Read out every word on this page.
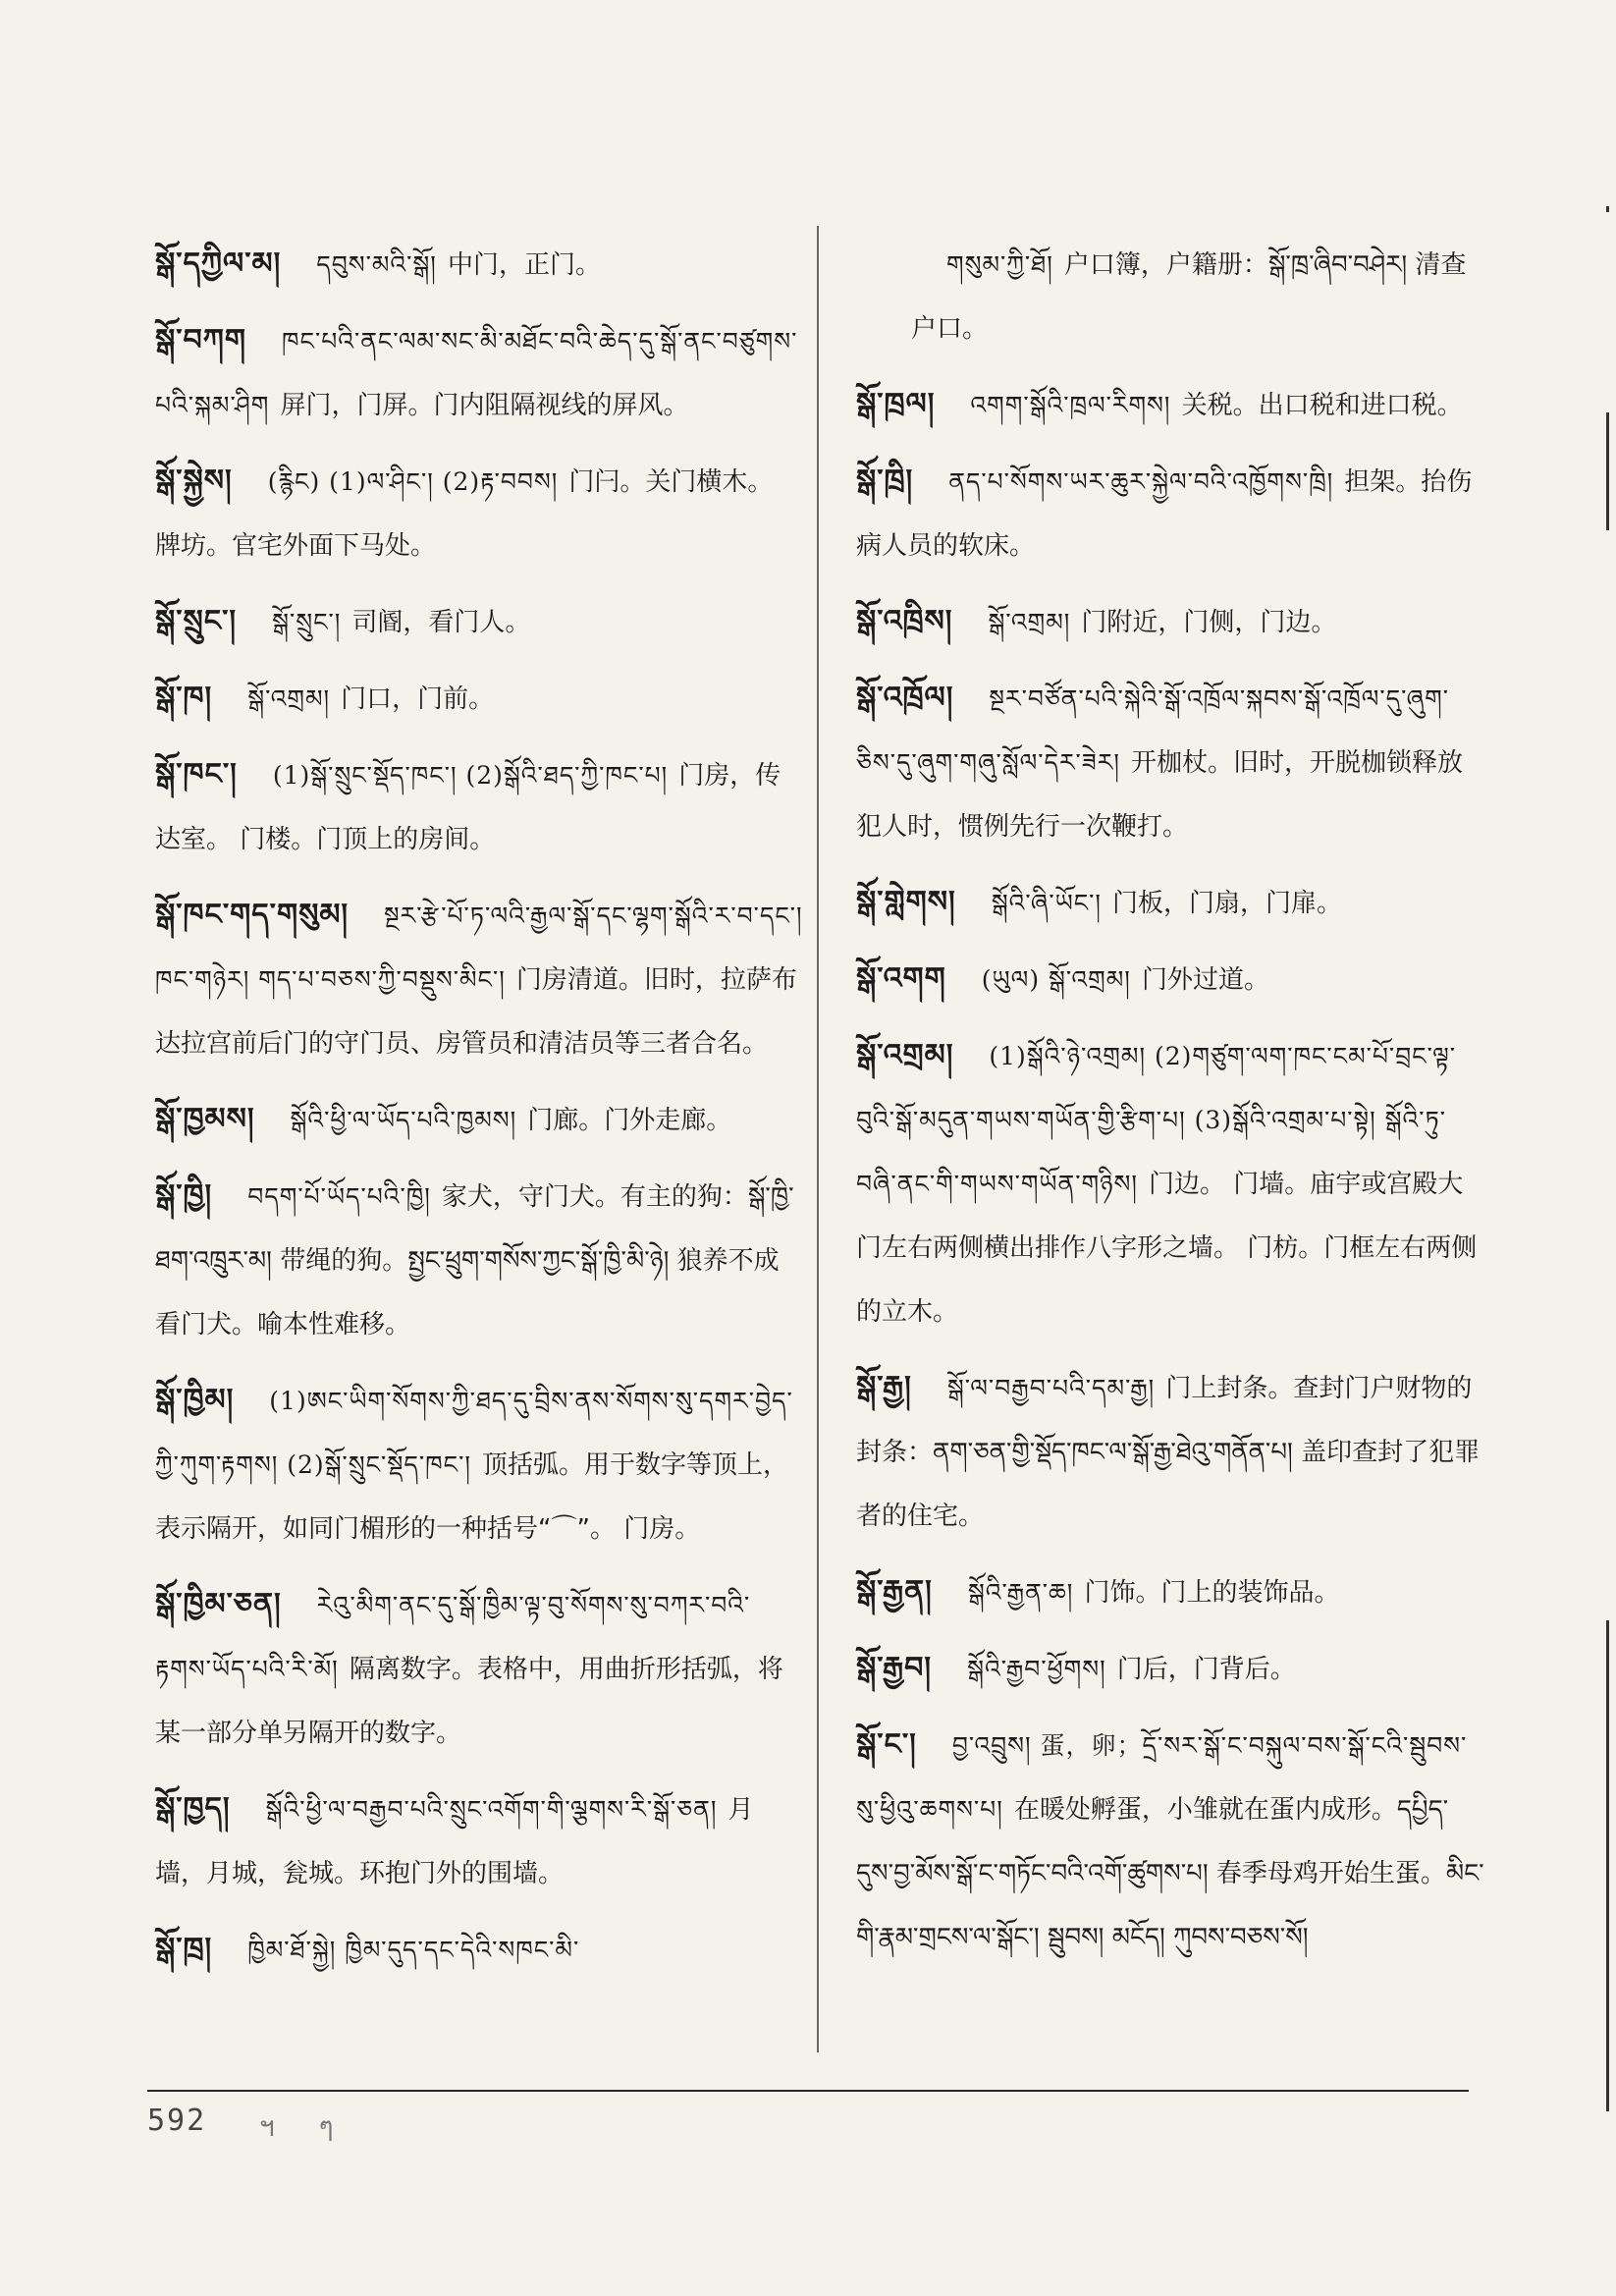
སྒོ་དཀྱིལ་མ། དབུས་མའི་སྒོ། 中门，正门。
སྒོ་བཀག ཁང་པའི་ནང་ལམ་སང་མི་མཐོང་བའི་ཆེད་དུ་སྒོ་ནང་བཙུགས་པའི་སྐམ་ཤིག 屏门，门屏。门内阻隔视线的屏风。
སྒོ་སྐྱེས། (རྙིང) (1)ལ་ཤིང་། (2)རྟ་བབས། 门闩。关门横木。 牌坊。官宅外面下马处。
སྒོ་སྲུང་། སྒོ་སྲུང་། 司阍，看门人。
སྒོ་ཁ། སྒོ་འགྲམ། 门口，门前。
སྒོ་ཁང་། (1)སྒོ་སྲུང་སྡོད་ཁང་། (2)སྒོའི་ཐད་ཀྱི་ཁང་པ། 门房，传达室。 门楼。门顶上的房间。
སྒོ་ཁང་གད་གསུམ། སྔར་རྩེ་པོ་ཏ་ལའི་རྒྱལ་སྒོ་དང་ལྷག་སྒོའི་ར་བ་དང་། ཁང་གཉེར། གད་པ་བཅས་ཀྱི་བསྡུས་མིང་། 门房清道。旧时，拉萨布达拉宫前后门的守门员、房管员和清洁员等三者合名。
སྒོ་ཁྱམས། སྒོའི་ཕྱི་ལ་ཡོད་པའི་ཁྱམས། 门廊。门外走廊。
སྒོ་ཁྱི། བདག་པོ་ཡོད་པའི་ཁྱི། 家犬，守门犬。有主的狗：སྒོ་ཁྱི་ཐག་འཁྲུར་མ། 带绳的狗。སྤྱང་ཕྲུག་གསོས་ཀྱང་སྒོ་ཁྱི་མི་ཉེ། 狼养不成看门犬。喻本性难移。
སྒོ་ཁྱིམ། (1)ཨང་ཡིག་སོགས་ཀྱི་ཐད་དུ་བྲིས་ནས་སོགས་སུ་དགར་བྱེད་ཀྱི་ཀུག་རྟགས། (2)སྒོ་སྲུང་སྡོད་ཁང་། 顶括弧。用于数字等顶上，表示隔开，如同门楣形的一种括号“⌒”。 门房。
སྒོ་ཁྱིམ་ཅན། རེའུ་མིག་ནང་དུ་སྒོ་ཁྱིམ་ལྟ་བུ་སོགས་སུ་བཀར་བའི་རྟགས་ཡོད་པའི་རི་མོ། 隔离数字。表格中，用曲折形括弧，将某一部分单另隔开的数字。
སྒོ་ཁྱད། སྒོའི་ཕྱི་ལ་བརྒྱབ་པའི་སྲུང་འགོག་གི་ལྕགས་རི་སྒོ་ཅན། 月墙，月城，瓮城。环抱门外的围墙。
སྒོ་ཁྲ། ཁྱིམ་ཐོ་སྐྱེ། ཁྱིམ་དུད་དང་དེའི་སཁང་མི་
གསུམ་ཀྱི་ཐོ། 户口簿，户籍册：སྒོ་ཁྲ་ཞིབ་བཤེར། 清查户口。
སྒོ་ཁྲལ། འགག་སྒོའི་ཁྲལ་རིགས། 关税。出口税和进口税。
སྒོ་ཁྲི། ནད་པ་སོགས་ཡར་ཆུར་སྐྱེལ་བའི་འཁྱོགས་ཁྲི། 担架。抬伤病人员的软床。
སྒོ་འཁྲིས། སྒོ་འགྲམ། 门附近，门侧，门边。
སྒོ་འཁྲོལ། སྔར་བཙོན་པའི་སྐེའི་སྒོ་འཁྲོལ་སྐབས་སྒོ་འཁྲོལ་དུ་ཞུག་ཅིས་དུ་ཞུག་གཞུ་སློལ་དེར་ཟེར། 开枷杖。旧时，开脱枷锁释放犯人时，惯例先行一次鞭打。
སྒོ་གླེགས། སྒོའི་ཞི་ཡོང་། 门板，门扇，门扉。
སྒོ་འགག (ཡུལ) སྒོ་འགྲམ། 门外过道。
སྒོ་འགྲམ། (1)སྒོའི་ཉེ་འགྲམ། (2)གཙུག་ལག་ཁང་ངམ་པོ་བྲང་ལྟ་བུའི་སྒོ་མདུན་གཡས་གཡོན་གྱི་རྩིག་པ། (3)སྒོའི་འགྲམ་པ་སྟེ། སྒོའི་ཏུ་བཞི་ནང་གི་གཡས་གཡོན་གཉིས། 门边。 门墙。庙宇或宫殿大门左右两侧横出排作八字形之墙。 门枋。门框左右两侧的立木。
སྒོ་རྒྱ། སྒོ་ལ་བརྒྱབ་པའི་དམ་རྒྱ། 门上封条。查封门户财物的封条：ནག་ཅན་གྱི་སྡོད་ཁང་ལ་སྒོ་རྒྱ་ཐེའུ་གནོན་པ། 盖印查封了犯罪者的住宅。
སྒོ་རྒྱན། སྒོའི་རྒྱན་ཆ། 门饰。门上的装饰品。
སྒོ་རྒྱབ། སྒོའི་རྒྱབ་ཕྱོགས། 门后，门背后。
སྒོ་ང་། བྱ་འབྲུས། 蛋，卵；དྲོ་སར་སྒོ་ང་བསྐུལ་བས་སྒོ་ངའི་སྦུབས་སུ་ཕྱིའུ་ཆགས་པ། 在暖处孵蛋，小雏就在蛋内成形。དཔྱིད་དུས་བྱ་མོས་སྒོ་ང་གཏོང་བའི་འགོ་ཚུགས་པ། 春季母鸡开始生蛋。མིང་གི་རྣམ་གྲངས་ལ་སྒོང་། སྦུབས། མངོད། ཀུབས་བཅས་སོ།
592 ฯ ๆ
